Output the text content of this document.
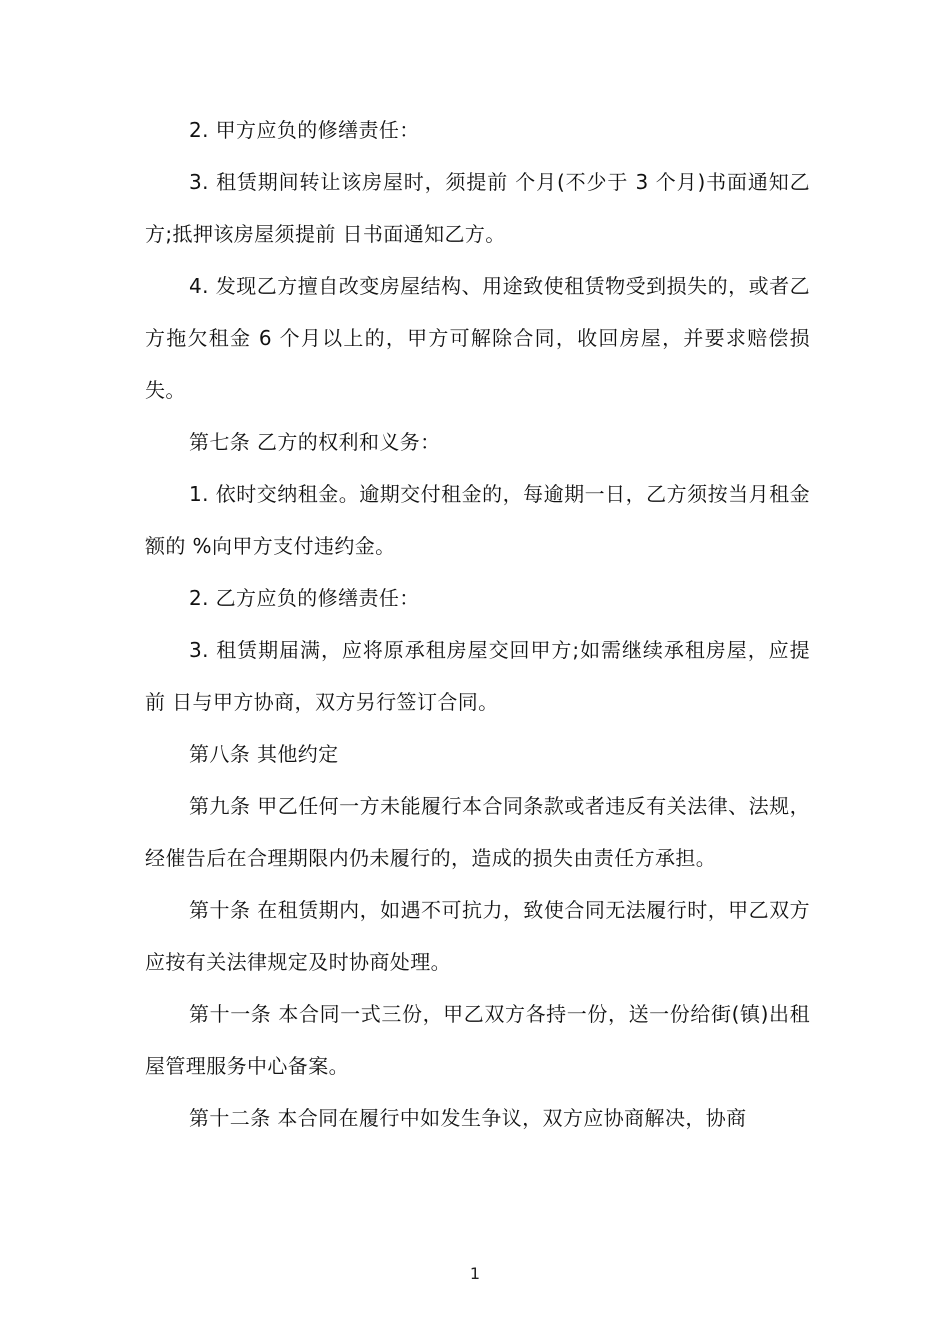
2. 甲方应负的修缮责任：

3. 租赁期间转让该房屋时，须提前 个月(不少于 3 个月)书面通知乙方;抵押该房屋须提前 日书面通知乙方。

4. 发现乙方擅自改变房屋结构、用途致使租赁物受到损失的，或者乙方拖欠租金 6 个月以上的，甲方可解除合同，收回房屋，并要求赔偿损失。

第七条 乙方的权利和义务：

1. 依时交纳租金。逾期交付租金的，每逾期一日，乙方须按当月租金额的 %向甲方支付违约金。

2. 乙方应负的修缮责任：

3. 租赁期届满，应将原承租房屋交回甲方;如需继续承租房屋，应提前 日与甲方协商，双方另行签订合同。

第八条 其他约定

第九条 甲乙任何一方未能履行本合同条款或者违反有关法律、法规，经催告后在合理期限内仍未履行的，造成的损失由责任方承担。

第十条 在租赁期内，如遇不可抗力，致使合同无法履行时，甲乙双方应按有关法律规定及时协商处理。

第十一条 本合同一式三份，甲乙双方各持一份，送一份给街(镇)出租屋管理服务中心备案。

第十二条 本合同在履行中如发生争议，双方应协商解决，协商

1
